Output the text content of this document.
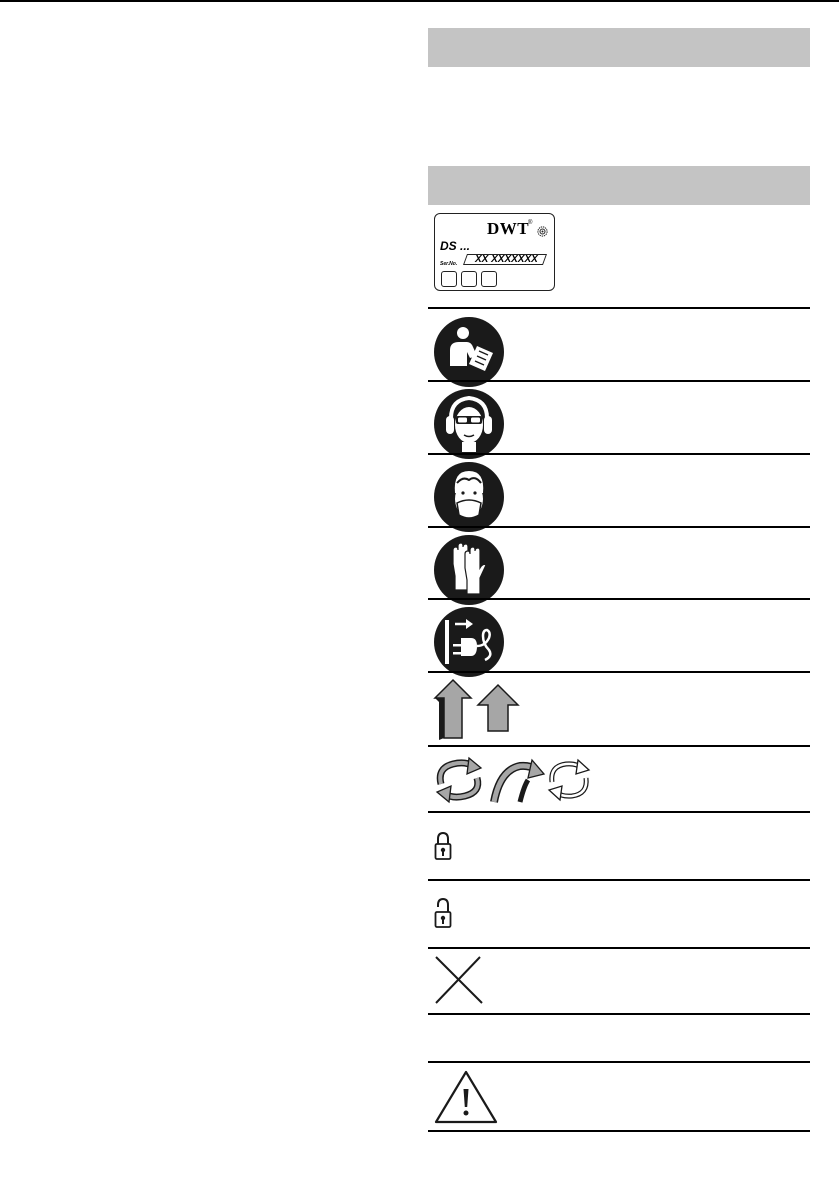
DWT
®
DS ...
Ser.No. XX XXXXXXX
